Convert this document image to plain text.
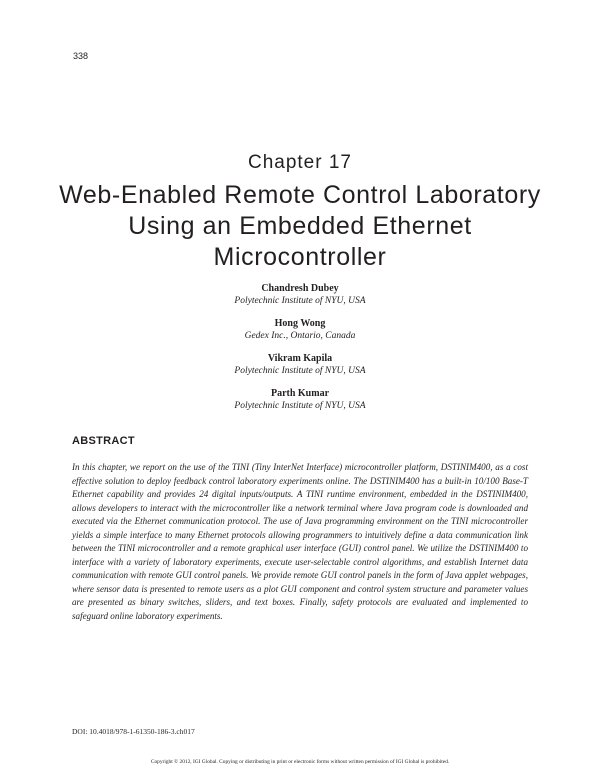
338
Chapter 17
Web-Enabled Remote Control Laboratory Using an Embedded Ethernet Microcontroller
Chandresh Dubey
Polytechnic Institute of NYU, USA
Hong Wong
Gedex Inc., Ontario, Canada
Vikram Kapila
Polytechnic Institute of NYU, USA
Parth Kumar
Polytechnic Institute of NYU, USA
ABSTRACT
In this chapter, we report on the use of the TINI (Tiny InterNet Interface) microcontroller platform, DSTINIM400, as a cost effective solution to deploy feedback control laboratory experiments online. The DSTINIM400 has a built-in 10/100 Base-T Ethernet capability and provides 24 digital inputs/outputs. A TINI runtime environment, embedded in the DSTINIM400, allows developers to interact with the microcontroller like a network terminal where Java program code is downloaded and executed via the Ethernet communication protocol. The use of Java programming environment on the TINI microcontroller yields a simple interface to many Ethernet protocols allowing programmers to intuitively define a data communication link between the TINI microcontroller and a remote graphical user interface (GUI) control panel. We utilize the DSTINIM400 to interface with a variety of laboratory experiments, execute user-selectable control algorithms, and establish Internet data communication with remote GUI control panels. We provide remote GUI control panels in the form of Java applet webpages, where sensor data is presented to remote users as a plot GUI component and control system structure and parameter values are presented as binary switches, sliders, and text boxes. Finally, safety protocols are evaluated and implemented to safeguard online laboratory experiments.
DOI: 10.4018/978-1-61350-186-3.ch017
Copyright © 2012, IGI Global. Copying or distributing in print or electronic forms without written permission of IGI Global is prohibited.
